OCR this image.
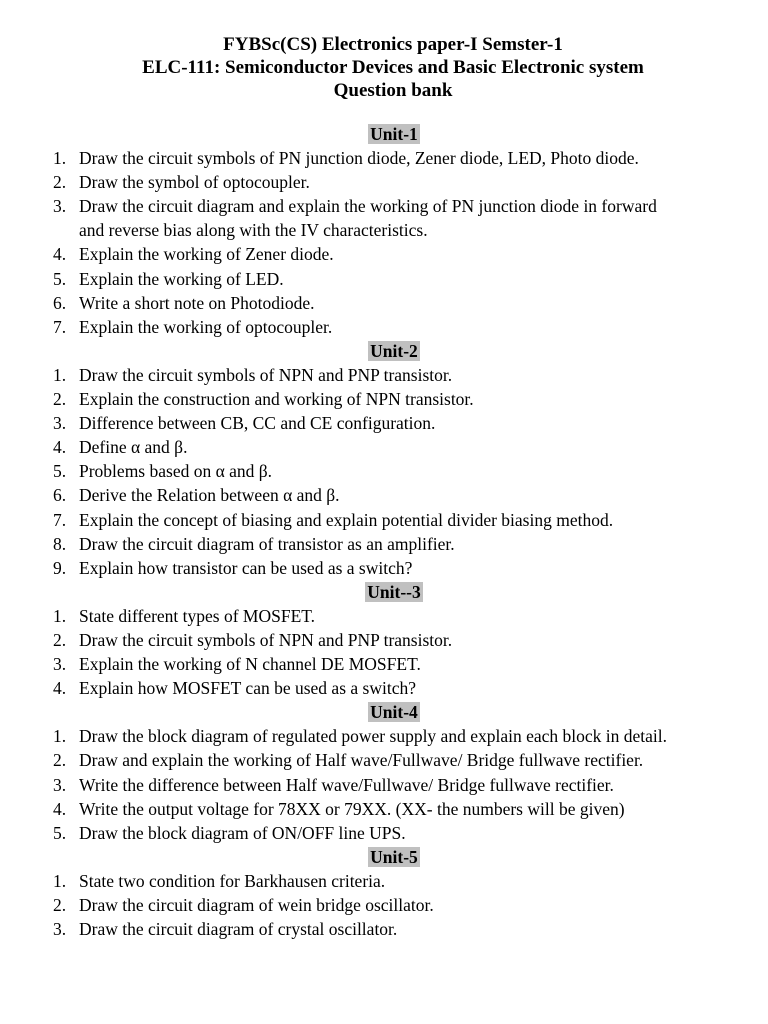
FYBSc(CS) Electronics paper-I Semster-1
ELC-111: Semiconductor Devices and Basic Electronic system
Question bank
Unit-1
1. Draw the circuit symbols of PN junction diode, Zener diode, LED, Photo diode.
2. Draw the symbol of optocoupler.
3. Draw the circuit diagram and explain the working of PN junction diode in forward
and reverse bias along with the IV characteristics.
4. Explain the working of Zener diode.
5. Explain the working of LED.
6. Write a short note on Photodiode.
7. Explain the working of optocoupler.
Unit-2
1. Draw the circuit symbols of NPN and PNP transistor.
2. Explain the construction and working of NPN transistor.
3. Difference between CB, CC and CE configuration.
4. Define α and β.
5. Problems based on α and β.
6. Derive the Relation between α and β.
7. Explain the concept of biasing and explain potential divider biasing method.
8. Draw the circuit diagram of transistor as an amplifier.
9. Explain how transistor can be used as a switch?
Unit--3
1. State different types of MOSFET.
2. Draw the circuit symbols of NPN and PNP transistor.
3. Explain the working of N channel DE MOSFET.
4. Explain how MOSFET can be used as a switch?
Unit-4
1. Draw the block diagram of regulated power supply and explain each block in detail.
2. Draw and explain the working of Half wave/Fullwave/ Bridge fullwave rectifier.
3. Write the difference between Half wave/Fullwave/ Bridge fullwave rectifier.
4. Write the output voltage for 78XX or 79XX. (XX- the numbers will be given)
5. Draw the block diagram of ON/OFF line UPS.
Unit-5
1. State two condition for Barkhausen criteria.
2. Draw the circuit diagram of wein bridge oscillator.
3. Draw the circuit diagram of crystal oscillator.
